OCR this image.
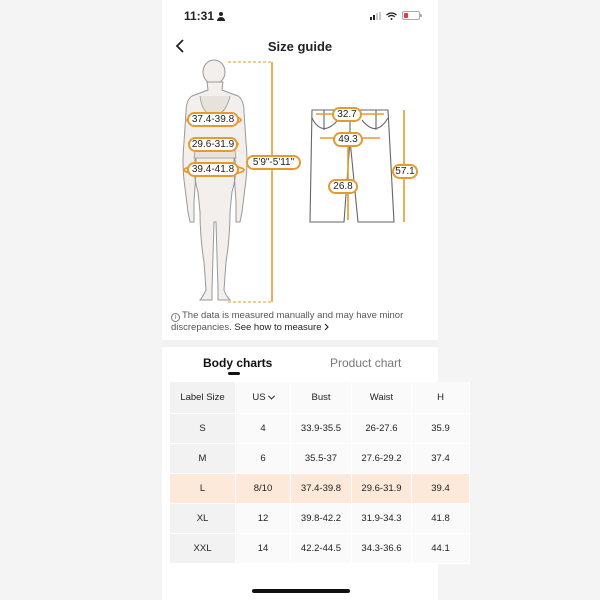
11:31
Size guide
37.4-39.8
29.6-31.9
39.4-41.8
5'9"-5'11"
32.7
49.3
26.8
57.1
i The data is measured manually and may have minor discrepancies. See how to measure
Body charts	Product chart
Label Size	US	Bust	Waist	H
S	4	33.9-35.5	26-27.6	35.9
M	6	35.5-37	27.6-29.2	37.4
L	8/10	37.4-39.8	29.6-31.9	39.4
XL	12	39.8-42.2	31.9-34.3	41.8
XXL	14	42.2-44.5	34.3-36.6	44.1
